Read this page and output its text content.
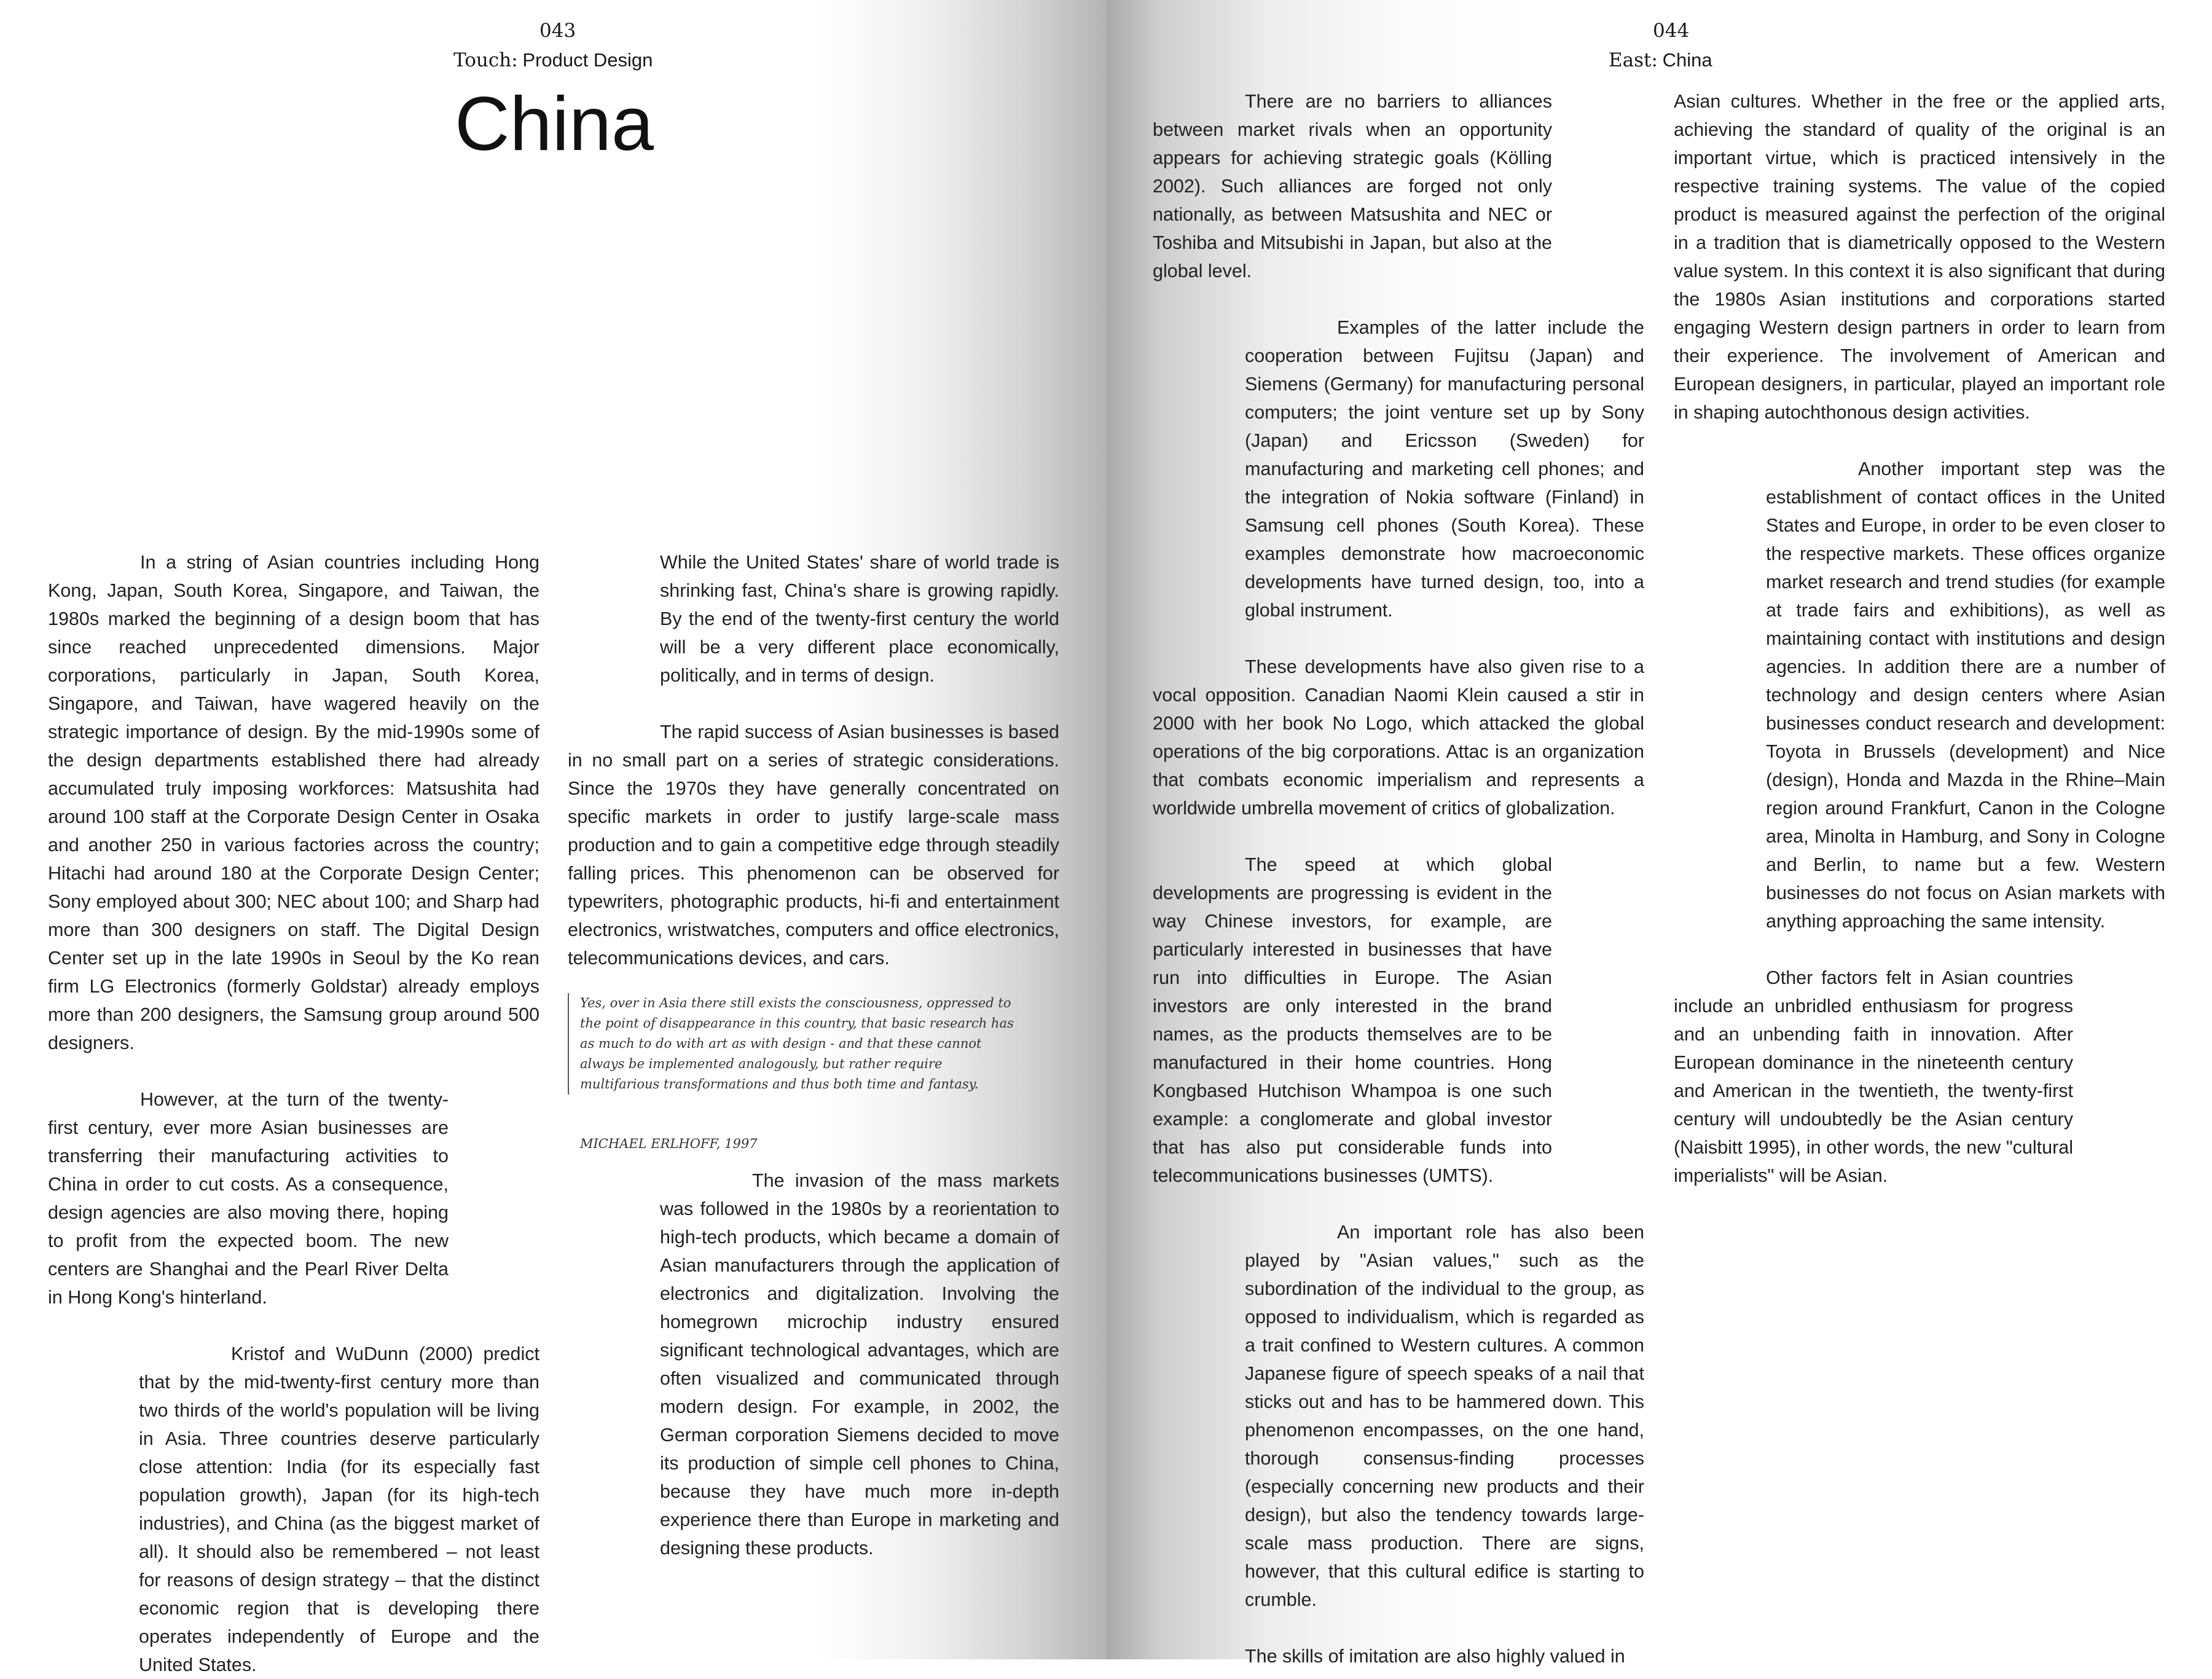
043
Touch: Product Design
China

In a string of Asian countries including Hong Kong, Japan, South Korea, Singapore, and Taiwan, the 1980s marked the beginning of a design boom that has since reached unprecedented dimensions. Major corporations, particularly in Japan, South Korea, Singapore, and Taiwan, have wagered heavily on the strategic importance of design. By the mid-1990s some of the design departments established there had already accumulated truly imposing workforces: Matsushita had around 100 staff at the Corporate Design Center in Osaka and another 250 in various factories across the country; Hitachi had around 180 at the Corporate Design Center; Sony employed about 300; NEC about 100; and Sharp had more than 300 designers on staff. The Digital Design Center set up in the late 1990s in Seoul by the Ko rean firm LG Electronics (formerly Goldstar) already employs more than 200 designers, the Samsung group around 500 designers.

However, at the turn of the twenty-first century, ever more Asian businesses are transferring their manufacturing activities to China in order to cut costs. As a consequence, design agencies are also moving there, hoping to profit from the expected boom. The new centers are Shanghai and the Pearl River Delta in Hong Kong's hinterland.

Kristof and WuDunn (2000) predict that by the mid-twenty-first century more than two thirds of the world's population will be living in Asia. Three countries deserve particularly close attention: India (for its especially fast population growth), Japan (for its high-tech industries), and China (as the biggest market of all). It should also be remembered – not least for reasons of design strategy – that the distinct economic region that is developing there operates independently of Europe and the United States.

While the United States' share of world trade is shrinking fast, China's share is growing rapidly. By the end of the twenty-first century the world will be a very different place economically, politically, and in terms of design.

The rapid success of Asian businesses is based in no small part on a series of strategic considerations. Since the 1970s they have generally concentrated on specific markets in order to justify large-scale mass production and to gain a competitive edge through steadily falling prices. This phenomenon can be observed for typewriters, photographic products, hi-fi and entertainment electronics, wristwatches, computers and office electronics, telecommunications devices, and cars.

Yes, over in Asia there still exists the consciousness, oppressed to the point of disappearance in this country, that basic research has as much to do with art as with design - and that these cannot always be implemented analogously, but rather require multifarious transformations and thus both time and fantasy.
MICHAEL ERLHOFF, 1997

The invasion of the mass markets was followed in the 1980s by a reorientation to high-tech products, which became a domain of Asian manufacturers through the application of electronics and digitalization. Involving the homegrown microchip industry ensured significant technological advantages, which are often visualized and communicated through modern design. For example, in 2002, the German corporation Siemens decided to move its production of simple cell phones to China, because they have much more in-depth experience there than Europe in marketing and designing these products.

044
East: China

There are no barriers to alliances between market rivals when an opportunity appears for achieving strategic goals (Kölling 2002). Such alliances are forged not only nationally, as between Matsushita and NEC or Toshiba and Mitsubishi in Japan, but also at the global level.

Examples of the latter include the cooperation between Fujitsu (Japan) and Siemens (Germany) for manufacturing personal computers; the joint venture set up by Sony (Japan) and Ericsson (Sweden) for manufacturing and marketing cell phones; and the integration of Nokia software (Finland) in Samsung cell phones (South Korea). These examples demonstrate how macroeconomic developments have turned design, too, into a global instrument.

These developments have also given rise to a vocal opposition. Canadian Naomi Klein caused a stir in 2000 with her book No Logo, which attacked the global operations of the big corporations. Attac is an organization that combats economic imperialism and represents a worldwide umbrella movement of critics of globalization.

The speed at which global developments are progressing is evident in the way Chinese investors, for example, are particularly interested in businesses that have run into difficulties in Europe. The Asian investors are only interested in the brand names, as the products themselves are to be manufactured in their home countries. Hong Kongbased Hutchison Whampoa is one such example: a conglomerate and global investor that has also put considerable funds into telecommunications businesses (UMTS).

An important role has also been played by "Asian values," such as the subordination of the individual to the group, as opposed to individualism, which is regarded as a trait confined to Western cultures. A common Japanese figure of speech speaks of a nail that sticks out and has to be hammered down. This phenomenon encompasses, on the one hand, thorough consensus-finding processes (especially concerning new products and their design), but also the tendency towards large-scale mass production. There are signs, however, that this cultural edifice is starting to crumble.

The skills of imitation are also highly valued in

Asian cultures. Whether in the free or the applied arts, achieving the standard of quality of the original is an important virtue, which is practiced intensively in the respective training systems. The value of the copied product is measured against the perfection of the original in a tradition that is diametrically opposed to the Western value system. In this context it is also significant that during the 1980s Asian institutions and corporations started engaging Western design partners in order to learn from their experience. The involvement of American and European designers, in particular, played an important role in shaping autochthonous design activities.

Another important step was the establishment of contact offices in the United States and Europe, in order to be even closer to the respective markets. These offices organize market research and trend studies (for example at trade fairs and exhibitions), as well as maintaining contact with institutions and design agencies. In addition there are a number of technology and design centers where Asian businesses conduct research and development: Toyota in Brussels (development) and Nice (design), Honda and Mazda in the Rhine–Main region around Frankfurt, Canon in the Cologne area, Minolta in Hamburg, and Sony in Cologne and Berlin, to name but a few. Western businesses do not focus on Asian markets with anything approaching the same intensity.

Other factors felt in Asian countries include an unbridled enthusiasm for progress and an unbending faith in innovation. After European dominance in the nineteenth century and American in the twentieth, the twenty-first century will undoubtedly be the Asian century (Naisbitt 1995), in other words, the new "cultural imperialists" will be Asian.
